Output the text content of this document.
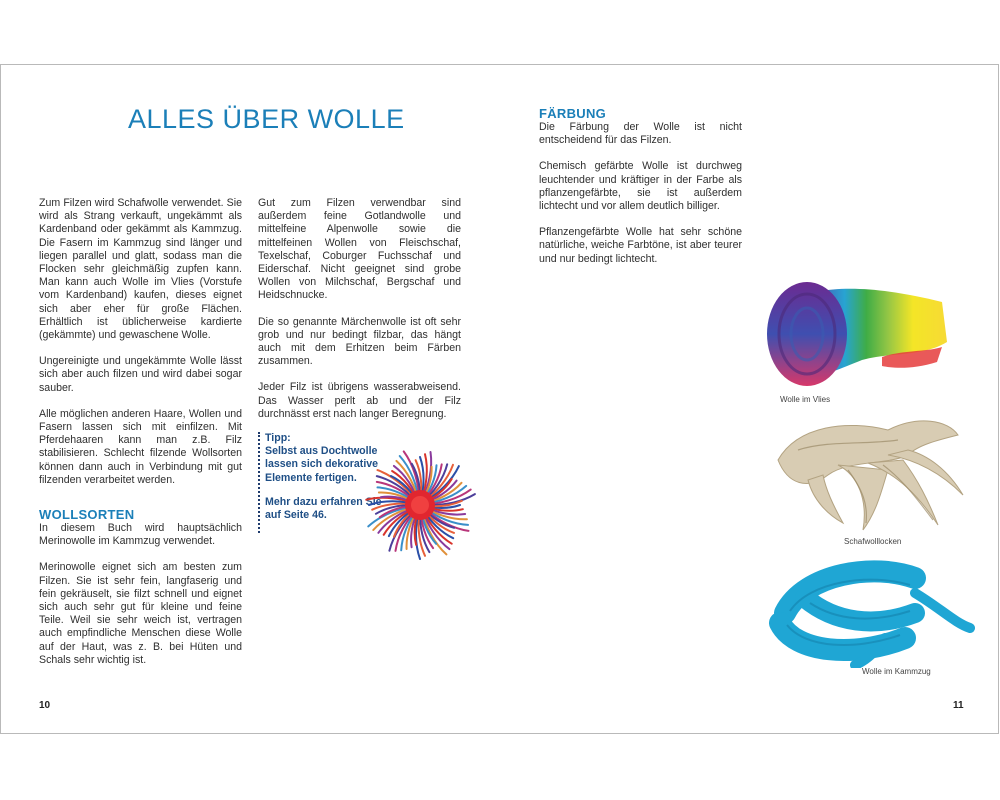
ALLES ÜBER WOLLE

Zum Filzen wird Schafwolle verwendet. Sie wird als Strang verkauft, ungekämmt als Kardenband oder gekämmt als Kammzug. Die Fasern im Kammzug sind länger und liegen parallel und glatt, sodass man die Flocken sehr gleichmäßig zupfen kann. Man kann auch Wolle im Vlies (Vorstufe vom Kardenband) kaufen, dieses eignet sich aber eher für große Flächen. Erhältlich ist üblicherweise kardierte (gekämmte) und gewaschene Wolle.

Ungereinigte und ungekämmte Wolle lässt sich aber auch filzen und wird dabei sogar sauber.

Alle möglichen anderen Haare, Wollen und Fasern lassen sich mit einfilzen. Mit Pferdehaaren kann man z.B. Filz stabilisieren. Schlecht filzende Wollsorten können dann auch in Verbindung mit gut filzenden verarbeitet werden.

WOLLSORTEN

In diesem Buch wird hauptsächlich Merinowolle im Kammzug verwendet.

Merinowolle eignet sich am besten zum Filzen. Sie ist sehr fein, langfaserig und fein gekräuselt, sie filzt schnell und eignet sich auch sehr gut für kleine und feine Teile. Weil sie sehr weich ist, vertragen auch empfindliche Menschen diese Wolle auf der Haut, was z. B. bei Hüten und Schals sehr wichtig ist.

Gut zum Filzen verwendbar sind außerdem feine Gotlandwolle und mittelfeine Alpenwolle sowie die mittelfeinen Wollen von Fleischschaf, Texelschaf, Coburger Fuchsschaf und Eiderschaf. Nicht geeignet sind grobe Wollen von Milchschaf, Bergschaf und Heidschnucke.

Die so genannte Märchenwolle ist oft sehr grob und nur bedingt filzbar, das hängt auch mit dem Erhitzen beim Färben zusammen.

Jeder Filz ist übrigens wasserabweisend. Das Wasser perlt ab und der Filz durchnässt erst nach langer Beregnung.

Tipp:
Selbst aus Dochtwolle lassen sich dekorative Elemente fertigen.

Mehr dazu erfahren Sie auf Seite 46.

10
FÄRBUNG

Die Färbung der Wolle ist nicht entscheidend für das Filzen.

Chemisch gefärbte Wolle ist durchweg leuchtender und kräftiger in der Farbe als pflanzengefärbte, sie ist außerdem lichtecht und vor allem deutlich billiger.

Pflanzengefärbte Wolle hat sehr schöne natürliche, weiche Farbtöne, ist aber teurer und nur bedingt lichtecht.

Wolle im Vlies
Schafwolllocken
Wolle im Kammzug
11
